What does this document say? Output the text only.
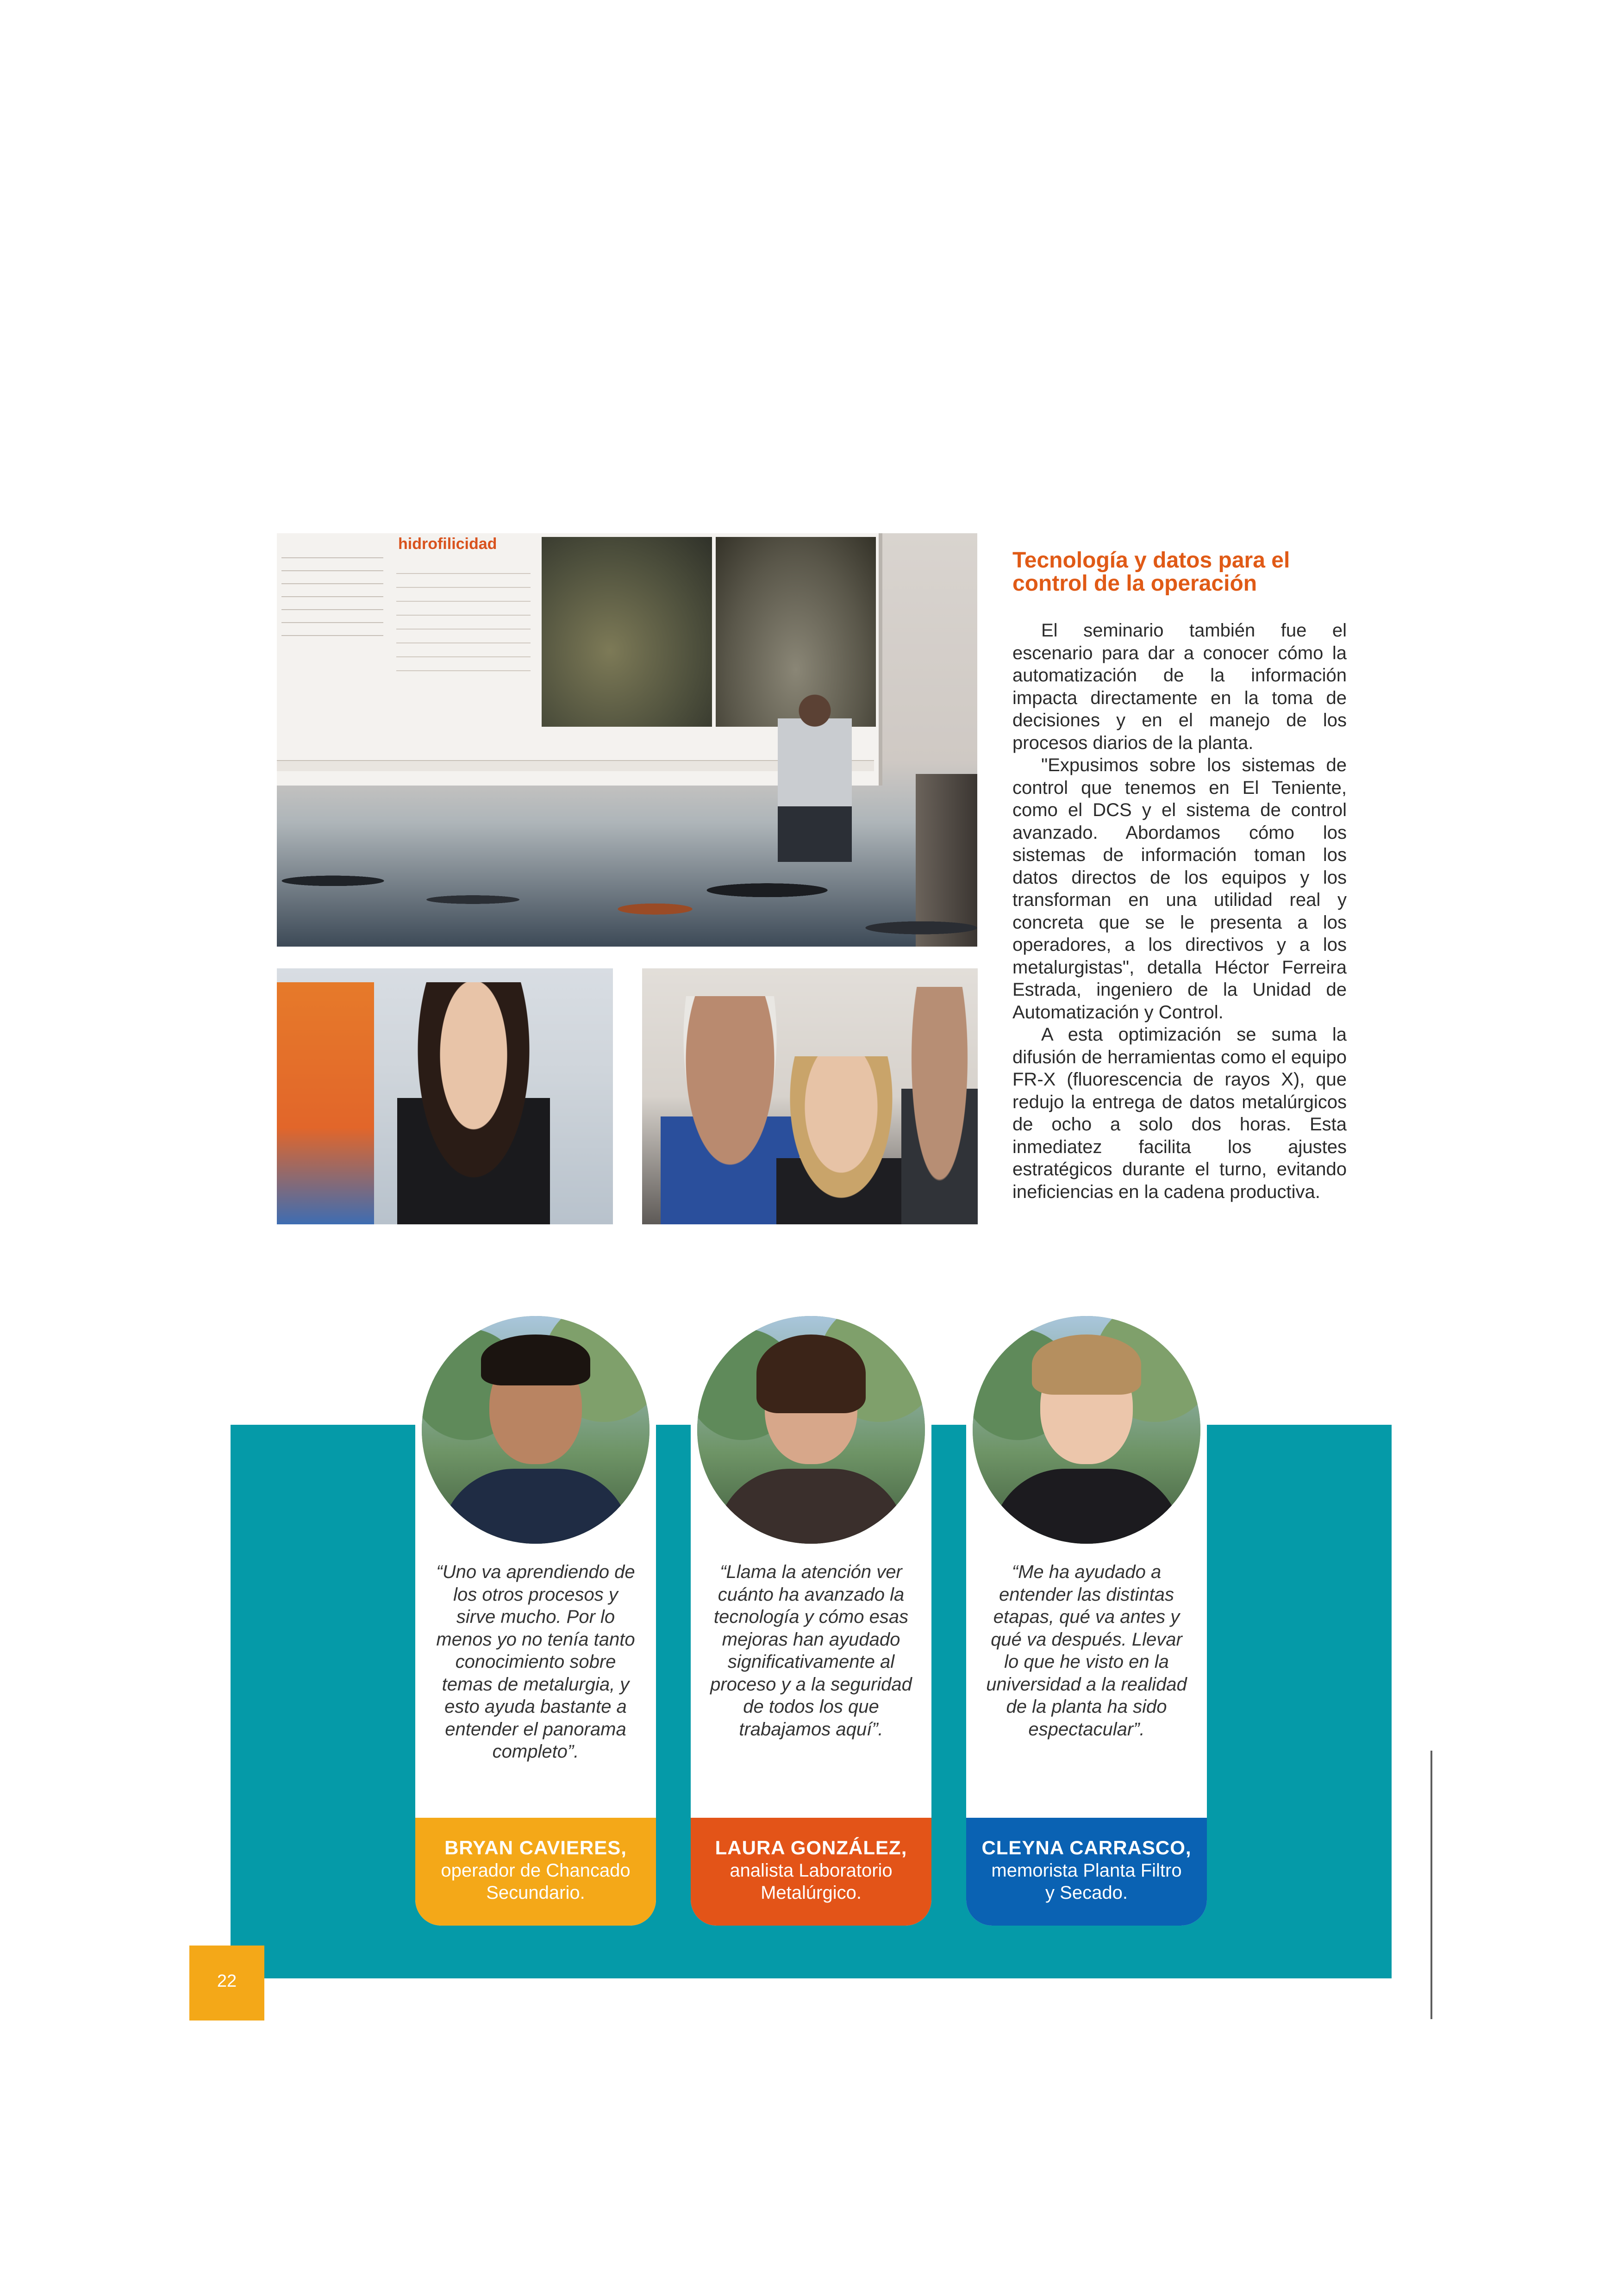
hidrofilicidad
Tecnología y datos para el control de la operación

El seminario también fue el escenario para dar a conocer cómo la automatización de la información impacta directamente en la toma de decisiones y en el manejo de los procesos diarios de la planta.

"Expusimos sobre los sistemas de control que tenemos en El Teniente, como el DCS y el sistema de control avanzado. Abordamos cómo los sistemas de información toman los datos directos de los equipos y los transforman en una utilidad real y concreta que se le presenta a los operadores, a los directivos y a los metalurgistas", detalla Héctor Ferreira Estrada, ingeniero de la Unidad de Automatización y Control.

A esta optimización se suma la difusión de herramientas como el equipo FR-X (fluorescencia de rayos X), que redujo la entrega de datos metalúrgicos de ocho a solo dos horas. Esta inmediatez facilita los ajustes estratégicos durante el turno, evitando ineficiencias en la cadena productiva.

“Uno va aprendiendo de los otros procesos y sirve mucho. Por lo menos yo no tenía tanto conocimiento sobre temas de metalurgia, y esto ayuda bastante a entender el panorama completo”.

“Llama la atención ver cuánto ha avanzado la tecnología y cómo esas mejoras han ayudado significativamente al proceso y a la seguridad de todos los que trabajamos aquí”.

“Me ha ayudado a entender las distintas etapas, qué va antes y qué va después. Llevar lo que he visto en la universidad a la realidad de la planta ha sido espectacular”.

BRYAN CAVIERES,
operador de Chancado Secundario.
LAURA GONZÁLEZ,
analista Laboratorio Metalúrgico.
CLEYNA CARRASCO,
memorista Planta Filtro y Secado.
22
